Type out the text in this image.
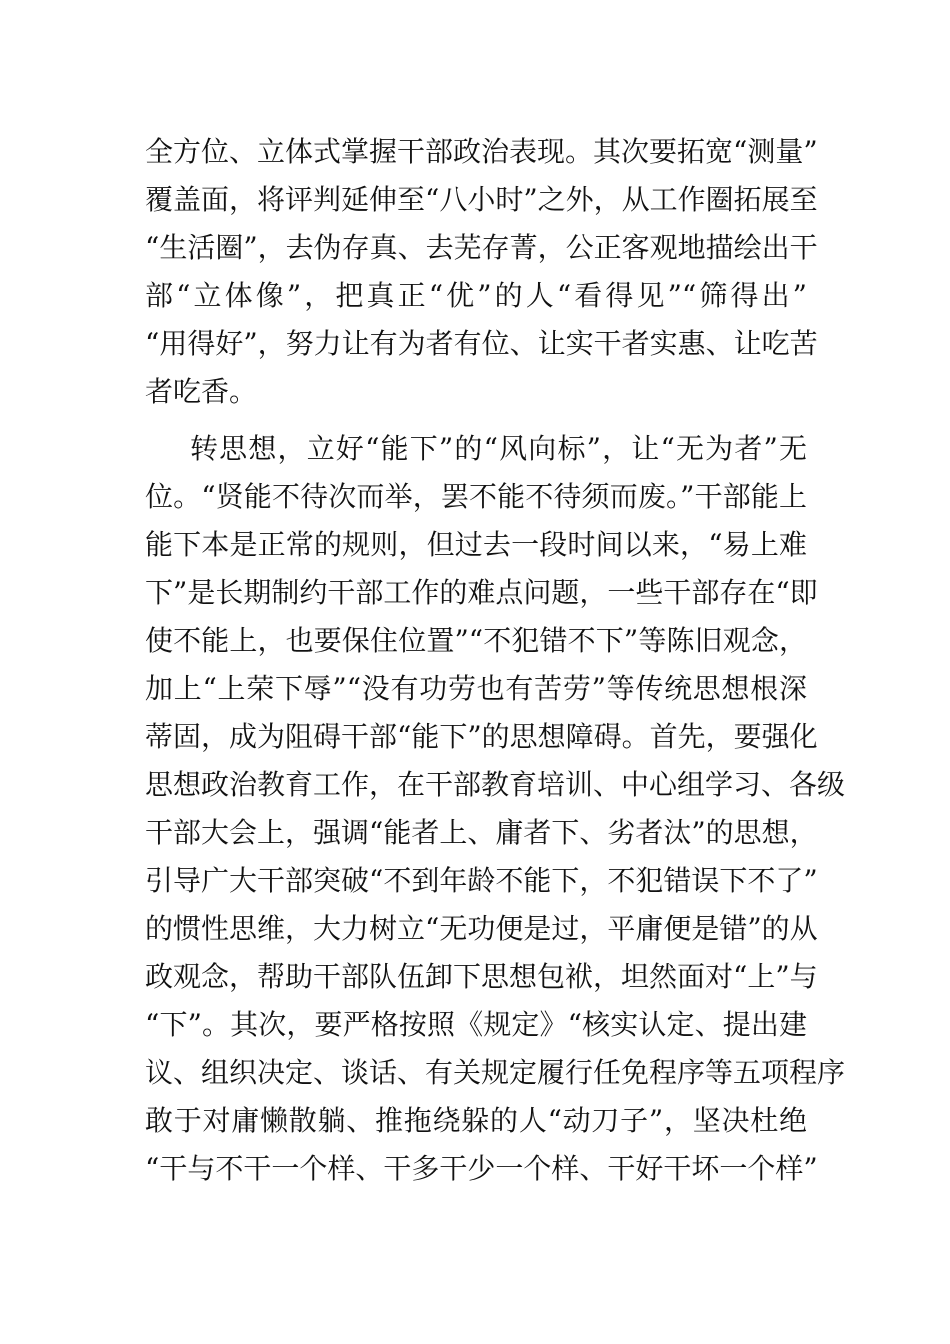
全方位、立体式掌握干部政治表现。其次要拓宽“测量”
覆盖面，将评判延伸至“八小时”之外，从工作圈拓展至
“生活圈”，去伪存真、去芜存菁，公正客观地描绘出干
部“立体像”，把真正“优”的人“看得见”“筛得出”
“用得好”，努力让有为者有位、让实干者实惠、让吃苦
者吃香。
转思想，立好“能下”的“风向标”，让“无为者”无
位。“贤能不待次而举，罢不能不待须而废。”干部能上
能下本是正常的规则，但过去一段时间以来，“易上难
下”是长期制约干部工作的难点问题，一些干部存在“即
使不能上，也要保住位置”“不犯错不下”等陈旧观念，
加上“上荣下辱”“没有功劳也有苦劳”等传统思想根深
蒂固，成为阻碍干部“能下”的思想障碍。首先，要强化
思想政治教育工作，在干部教育培训、中心组学习、各级
干部大会上，强调“能者上、庸者下、劣者汰”的思想，
引导广大干部突破“不到年龄不能下，不犯错误下不了”
的惯性思维，大力树立“无功便是过，平庸便是错”的从
政观念，帮助干部队伍卸下思想包袱，坦然面对“上”与
“下”。其次，要严格按照《规定》“核实认定、提出建
议、组织决定、谈话、有关规定履行任免程序等五项程序
敢于对庸懒散躺、推拖绕躲的人“动刀子”，坚决杜绝
“干与不干一个样、干多干少一个样、干好干坏一个样”
